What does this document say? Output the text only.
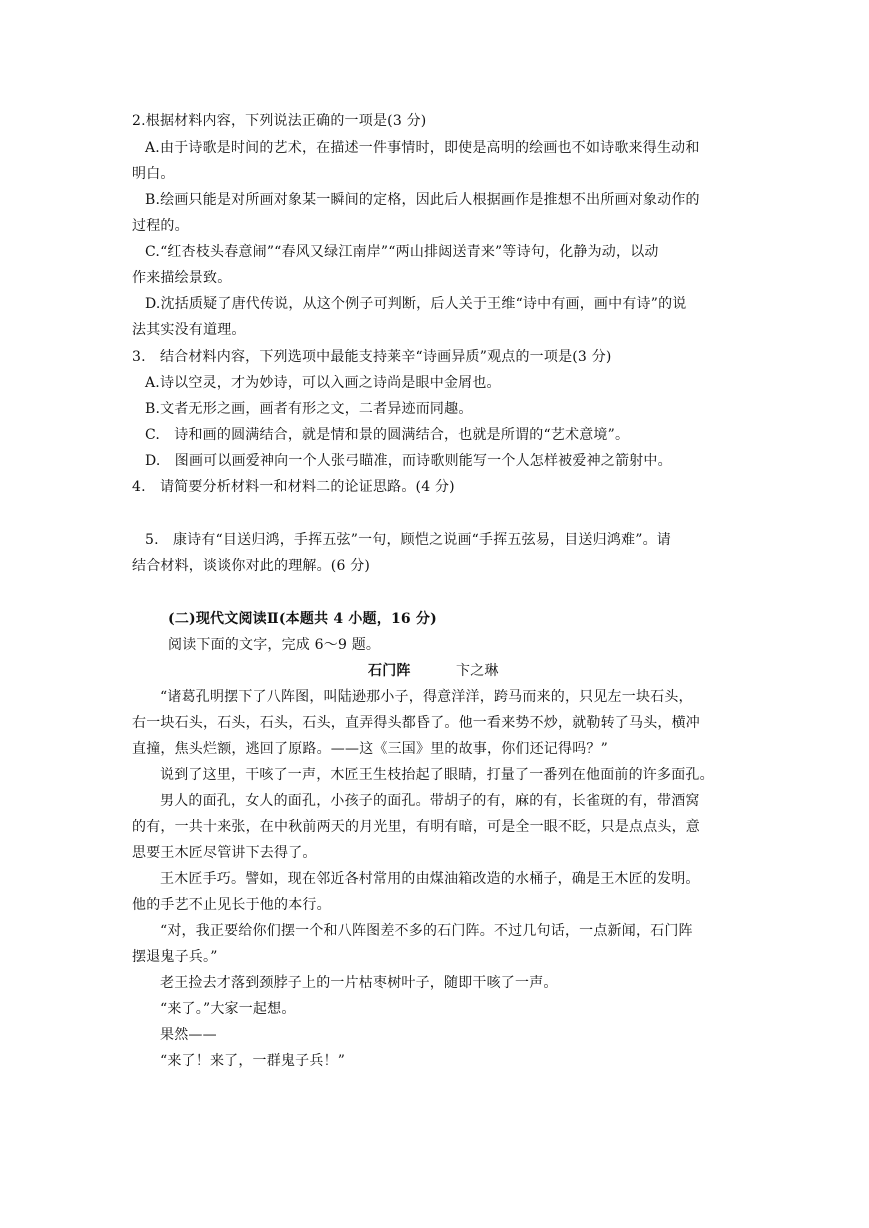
2.根据材料内容，下列说法正确的一项是(3 分)
A.由于诗歌是时间的艺术，在描述一件事情时，即使是高明的绘画也不如诗歌来得生动和
明白。
B.绘画只能是对所画对象某一瞬间的定格，因此后人根据画作是推想不出所画对象动作的
过程的。
C.“红杏枝头春意闹”“春风又绿江南岸”“两山排闼送青来”等诗句，化静为动，以动
作来描绘景致。
D.沈括质疑了唐代传说，从这个例子可判断，后人关于王维“诗中有画，画中有诗”的说
法其实没有道理。
3.　结合材料内容，下列选项中最能支持莱辛“诗画异质”观点的一项是(3 分)
A.诗以空灵，才为妙诗，可以入画之诗尚是眼中金屑也。
B.文者无形之画，画者有形之文，二者异迹而同趣。
C.　诗和画的圆满结合，就是情和景的圆满结合，也就是所谓的“艺术意境”。
D.　图画可以画爱神向一个人张弓瞄准，而诗歌则能写一个人怎样被爱神之箭射中。
4.　请简要分析材料一和材料二的论证思路。(4 分)
5.　康诗有“目送归鸿，手挥五弦”一句，顾恺之说画“手挥五弦易，目送归鸿难”。请
结合材料，谈谈你对此的理解。(6 分)
(二)现代文阅读Ⅱ(本题共 4 小题，16 分)
阅读下面的文字，完成 6～9 题。
石门阵	卞之琳
“诸葛孔明摆下了八阵图，叫陆逊那小子，得意洋洋，跨马而来的，只见左一块石头，
右一块石头，石头，石头，石头，直弄得头都昏了。他一看来势不炒，就勒转了马头，横冲
直撞，焦头烂额，逃回了原路。——这《三国》里的故事，你们还记得吗？”
说到了这里，干咳了一声，木匠王生枝抬起了眼睛，打量了一番列在他面前的许多面孔。
男人的面孔，女人的面孔，小孩子的面孔。带胡子的有，麻的有，长雀斑的有，带酒窝
的有，一共十来张，在中秋前两天的月光里，有明有暗，可是全一眼不眨，只是点点头，意
思要王木匠尽管讲下去得了。
王木匠手巧。譬如，现在邻近各村常用的由煤油箱改造的水桶子，确是王木匠的发明。
他的手艺不止见长于他的本行。
“对，我正要给你们摆一个和八阵图差不多的石门阵。不过几句话，一点新闻，石门阵
摆退鬼子兵。”
老王捡去才落到颈脖子上的一片枯枣树叶子，随即干咳了一声。
“来了。”大家一起想。
果然——
“来了！来了，一群鬼子兵！”
